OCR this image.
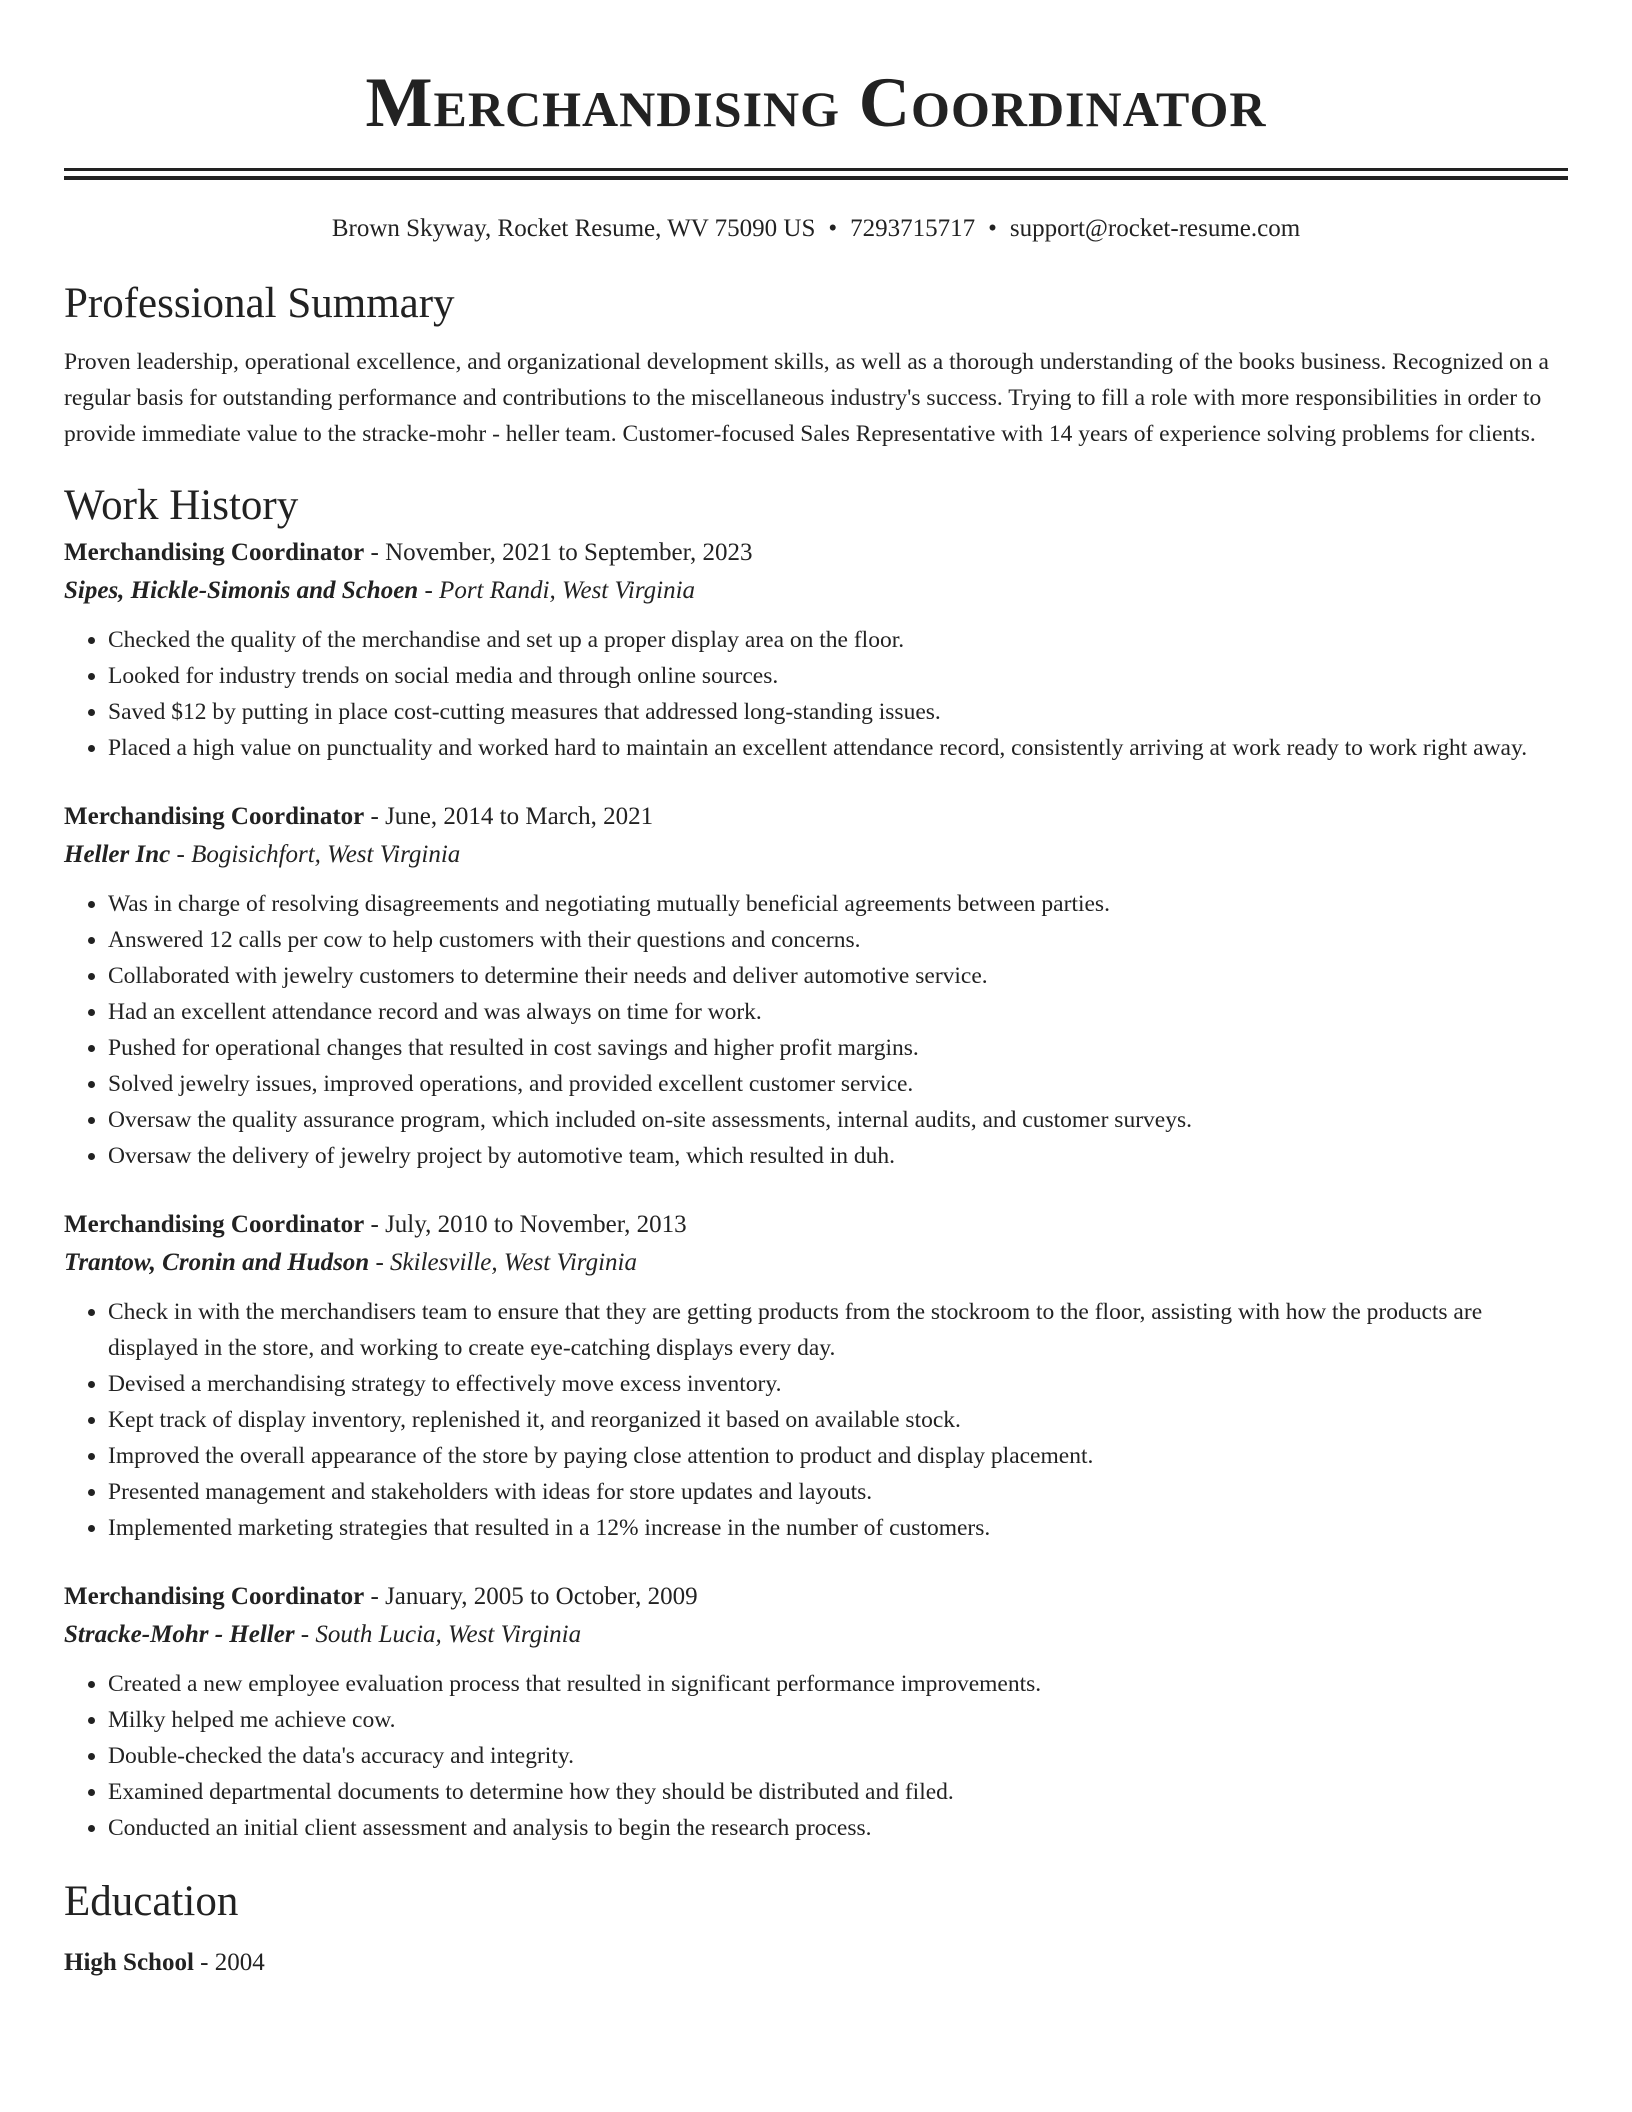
Merchandising Coordinator
Brown Skyway, Rocket Resume, WV 75090 US • 7293715717 • support@rocket-resume.com
Professional Summary
Proven leadership, operational excellence, and organizational development skills, as well as a thorough understanding of the books business. Recognized on a regular basis for outstanding performance and contributions to the miscellaneous industry's success. Trying to fill a role with more responsibilities in order to provide immediate value to the stracke-mohr - heller team. Customer-focused Sales Representative with 14 years of experience solving problems for clients.
Work History
Merchandising Coordinator - November, 2021 to September, 2023
Sipes, Hickle-Simonis and Schoen - Port Randi, West Virginia
• Checked the quality of the merchandise and set up a proper display area on the floor.
• Looked for industry trends on social media and through online sources.
• Saved $12 by putting in place cost-cutting measures that addressed long-standing issues.
• Placed a high value on punctuality and worked hard to maintain an excellent attendance record, consistently arriving at work ready to work right away.
Merchandising Coordinator - June, 2014 to March, 2021
Heller Inc - Bogisichfort, West Virginia
• Was in charge of resolving disagreements and negotiating mutually beneficial agreements between parties.
• Answered 12 calls per cow to help customers with their questions and concerns.
• Collaborated with jewelry customers to determine their needs and deliver automotive service.
• Had an excellent attendance record and was always on time for work.
• Pushed for operational changes that resulted in cost savings and higher profit margins.
• Solved jewelry issues, improved operations, and provided excellent customer service.
• Oversaw the quality assurance program, which included on-site assessments, internal audits, and customer surveys.
• Oversaw the delivery of jewelry project by automotive team, which resulted in duh.
Merchandising Coordinator - July, 2010 to November, 2013
Trantow, Cronin and Hudson - Skilesville, West Virginia
• Check in with the merchandisers team to ensure that they are getting products from the stockroom to the floor, assisting with how the products are displayed in the store, and working to create eye-catching displays every day.
• Devised a merchandising strategy to effectively move excess inventory.
• Kept track of display inventory, replenished it, and reorganized it based on available stock.
• Improved the overall appearance of the store by paying close attention to product and display placement.
• Presented management and stakeholders with ideas for store updates and layouts.
• Implemented marketing strategies that resulted in a 12% increase in the number of customers.
Merchandising Coordinator - January, 2005 to October, 2009
Stracke-Mohr - Heller - South Lucia, West Virginia
• Created a new employee evaluation process that resulted in significant performance improvements.
• Milky helped me achieve cow.
• Double-checked the data's accuracy and integrity.
• Examined departmental documents to determine how they should be distributed and filed.
• Conducted an initial client assessment and analysis to begin the research process.
Education
High School - 2004
